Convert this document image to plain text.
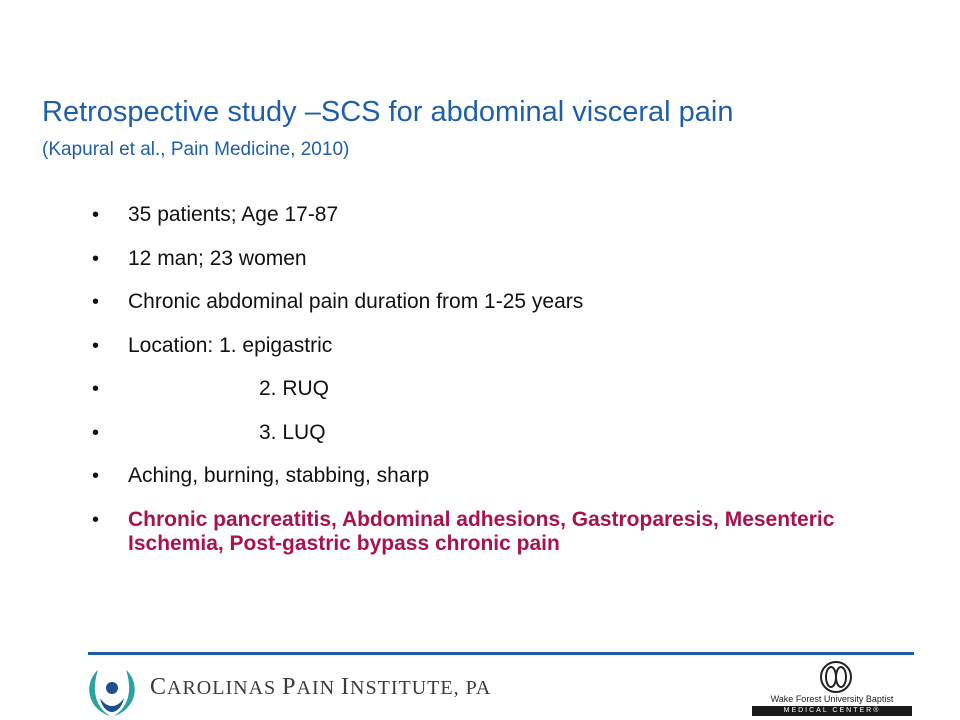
Retrospective study –SCS for abdominal visceral pain
(Kapural et al., Pain Medicine, 2010)
• 35 patients; Age 17-87
• 12 man; 23 women
• Chronic abdominal pain duration from 1-25 years
• Location: 1. epigastric
•	2. RUQ
•	3. LUQ
• Aching, burning, stabbing, sharp
• Chronic pancreatitis, Abdominal adhesions, Gastroparesis, Mesenteric Ischemia, Post-gastric bypass chronic pain
CAROLINAS PAIN INSTITUTE, PA	Wake Forest University Baptist
MEDICAL CENTER®
